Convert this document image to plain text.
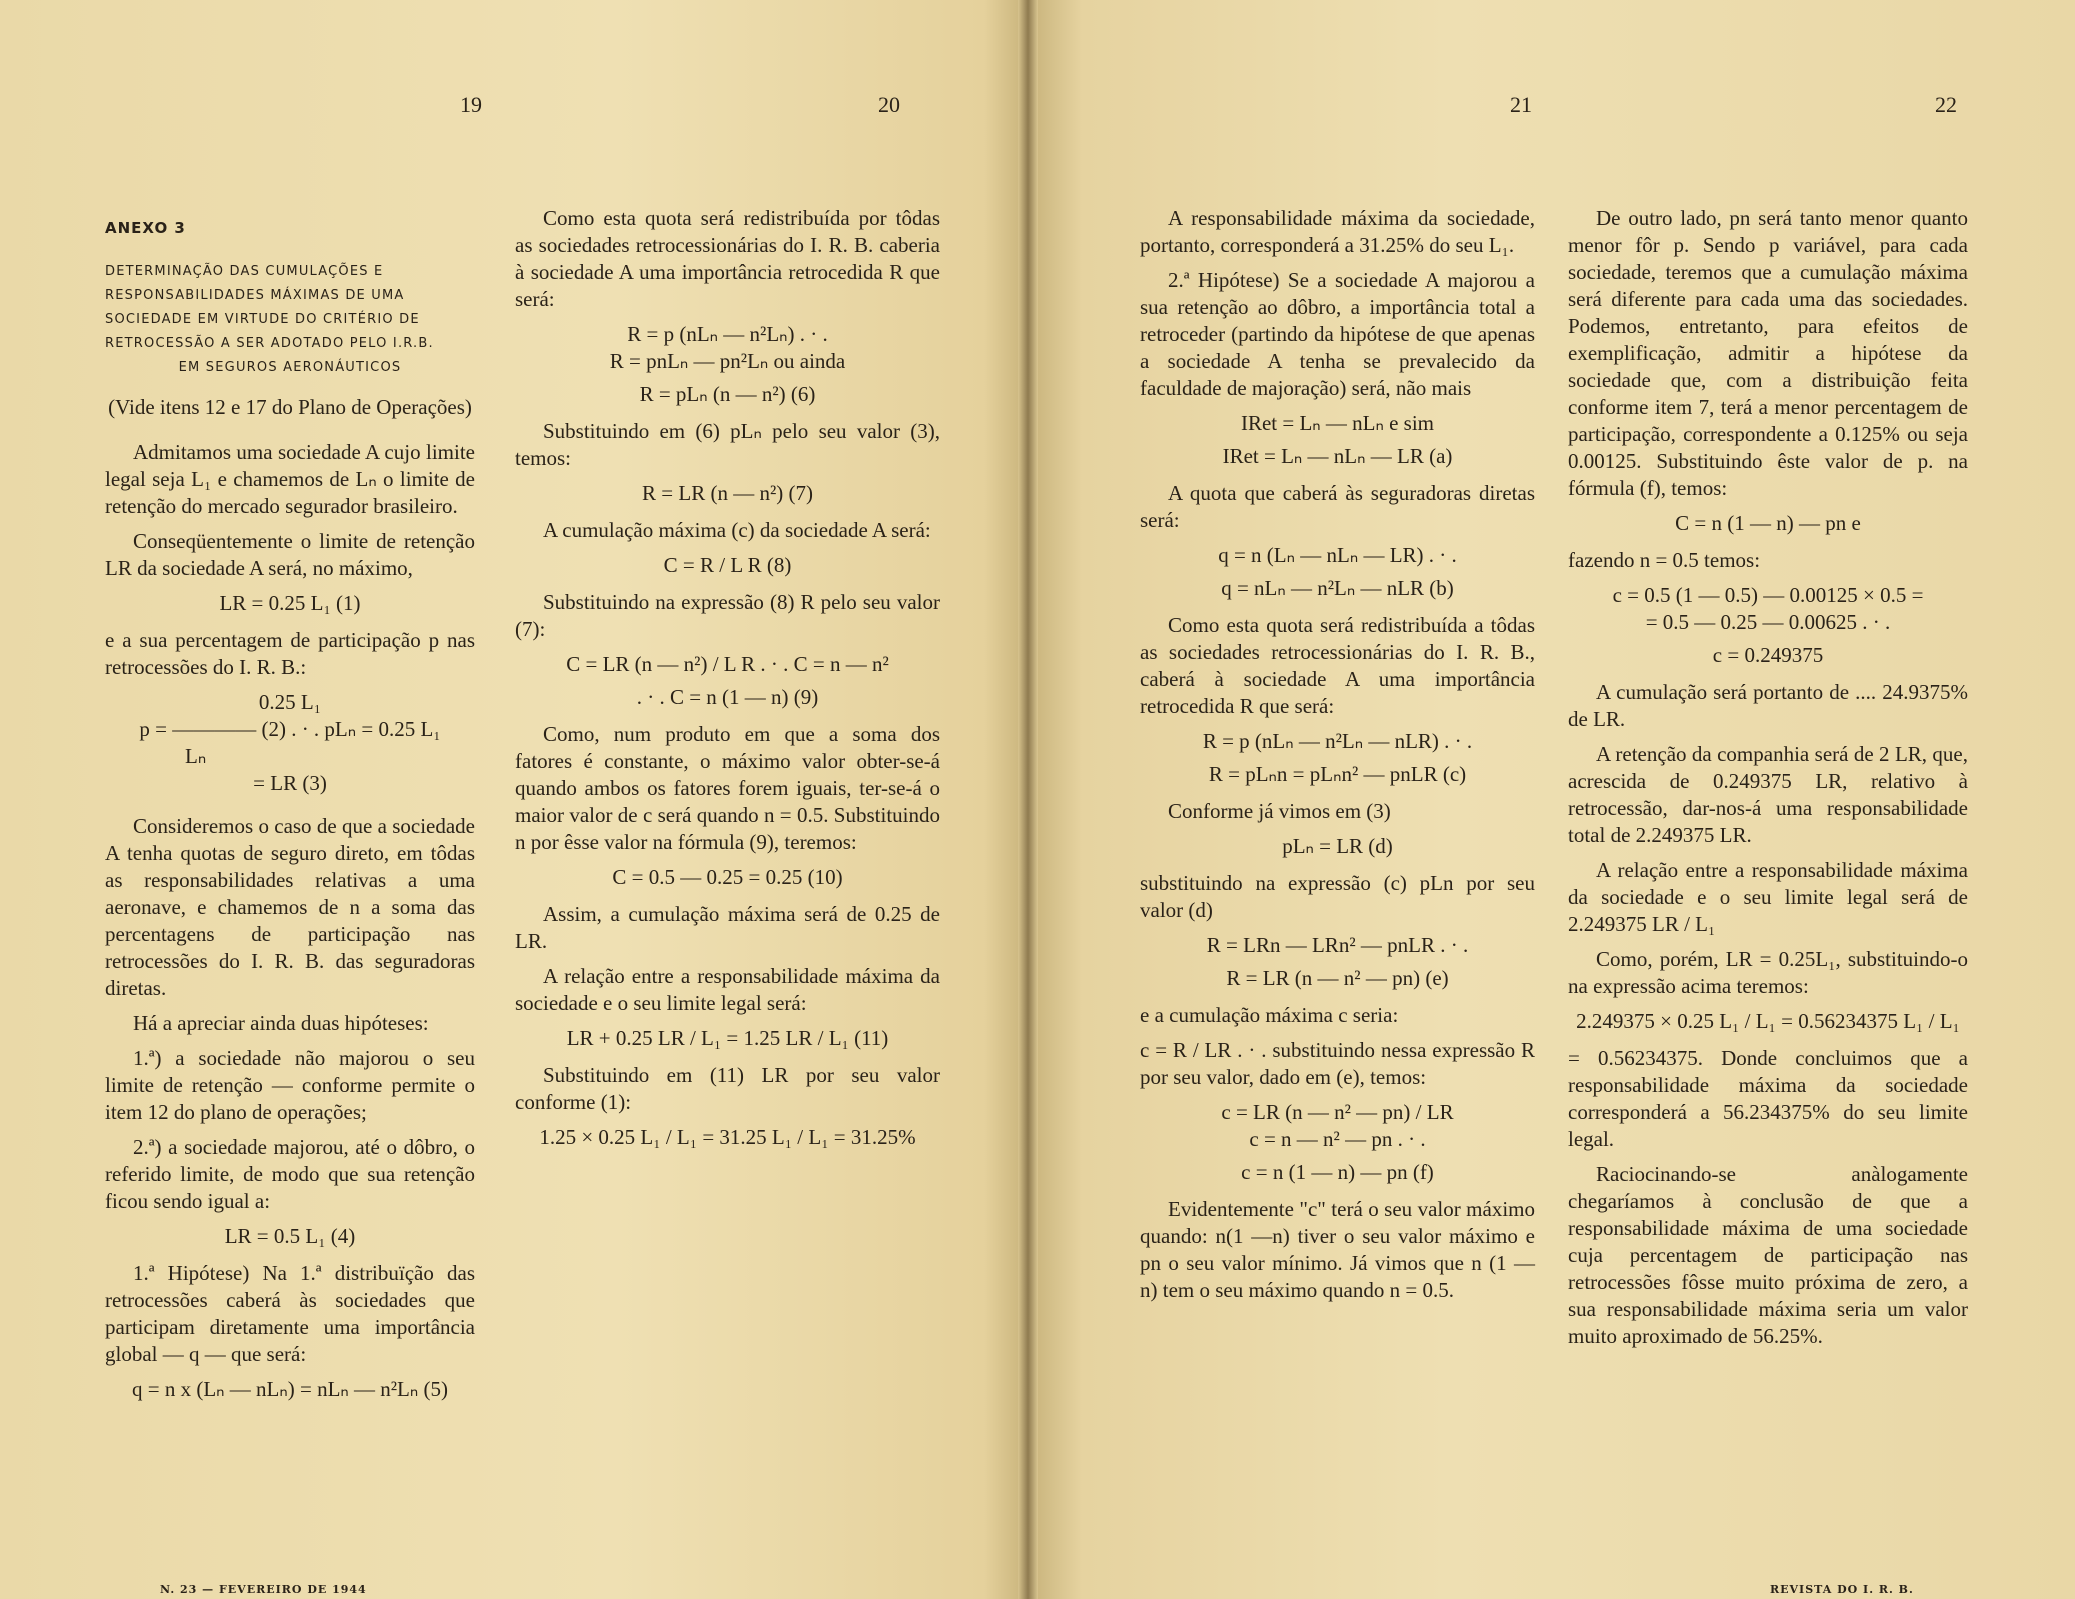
19	20	21	22
ANEXO 3
DETERMINAÇÃO DAS CUMULAÇÕES E
RESPONSABILIDADES MÁXIMAS DE UMA
SOCIEDADE EM VIRTUDE DO CRITÉRIO DE
RETROCESSÃO A SER ADOTADO PELO I.R.B.
EM SEGUROS AERONÁUTICOS

(Vide itens 12 e 17 do Plano de Operações)

Admitamos uma sociedade A cujo limite legal seja L₁ e chamemos de Lₙ o limite de retenção do mercado segurador brasileiro.

Conseqüentemente o limite de retenção LR da sociedade A será, no máximo,

LR = 0.25 L₁ (1)

e a sua percentagem de participação p nas retrocessões do I. R. B.:

0.25 L₁

p = ———— (2) . · . pLₙ = 0.25 L₁

Lₙ

= LR (3)

Consideremos o caso de que a sociedade A tenha quotas de seguro direto, em tôdas as responsabilidades relativas a uma aeronave, e chamemos de n a soma das percentagens de participação nas retrocessões do I. R. B. das seguradoras diretas.

Há a apreciar ainda duas hipóteses:

1.ª) a sociedade não majorou o seu limite de retenção — conforme permite o item 12 do plano de operações;

2.ª) a sociedade majorou, até o dôbro, o referido limite, de modo que sua retenção ficou sendo igual a:

LR = 0.5 L₁ (4)

1.ª Hipótese) Na 1.ª distribuïção das retrocessões caberá às sociedades que participam diretamente uma importância global — q — que será:

q = n x (Lₙ — nLₙ) = nLₙ — n²Lₙ (5)

Como esta quota será redistribuída por tôdas as sociedades retrocessionárias do I. R. B. caberia à sociedade A uma importância retrocedida R que será:

R = p (nLₙ — n²Lₙ) . · .

R = pnLₙ — pn²Lₙ ou ainda

R = pLₙ (n — n²) (6)

Substituindo em (6) pLₙ pelo seu valor (3), temos:

R = LR (n — n²) (7)

A cumulação máxima (c) da sociedade A será:

C = R / L R (8)

Substituindo na expressão (8) R pelo seu valor (7):

C = LR (n — n²) / L R . · . C = n — n²

. · . C = n (1 — n) (9)

Como, num produto em que a soma dos fatores é constante, o máximo valor obter-se-á quando ambos os fatores forem iguais, ter-se-á o maior valor de c será quando n = 0.5. Substituindo n por êsse valor na fórmula (9), teremos:

C = 0.5 — 0.25 = 0.25 (10)

Assim, a cumulação máxima será de 0.25 de LR.

A relação entre a responsabilidade máxima da sociedade e o seu limite legal será:

LR + 0.25 LR / L₁ = 1.25 LR / L₁ (11)

Substituindo em (11) LR por seu valor conforme (1):

1.25 × 0.25 L₁ / L₁ = 31.25 L₁ / L₁ = 31.25%

A responsabilidade máxima da sociedade, portanto, corresponderá a 31.25% do seu L₁.

2.ª Hipótese) Se a sociedade A majorou a sua retenção ao dôbro, a importância total a retroceder (partindo da hipótese de que apenas a sociedade A tenha se prevalecido da faculdade de majoração) será, não mais

IRet = Lₙ — nLₙ e sim

IRet = Lₙ — nLₙ — LR (a)

A quota que caberá às seguradoras diretas será:

q = n (Lₙ — nLₙ — LR) . · .

q = nLₙ — n²Lₙ — nLR (b)

Como esta quota será redistribuída a tôdas as sociedades retrocessionárias do I. R. B., caberá à sociedade A uma importância retrocedida R que será:

R = p (nLₙ — n²Lₙ — nLR) . · .

R = pLₙn = pLₙn² — pnLR (c)

Conforme já vimos em (3)

pLₙ = LR (d)

substituindo na expressão (c) pLn por seu valor (d)

R = LRn — LRn² — pnLR . · .

R = LR (n — n² — pn) (e)

e a cumulação máxima c seria:

c = R / LR . · . substituindo nessa expressão R por seu valor, dado em (e), temos:

c = LR (n — n² — pn) / LR

c = n — n² — pn . · .

c = n (1 — n) — pn (f)

Evidentemente "c" terá o seu valor máximo quando: n(1 —n) tiver o seu valor máximo e pn o seu valor mínimo. Já vimos que n (1 — n) tem o seu máximo quando n = 0.5.

De outro lado, pn será tanto menor quanto menor fôr p. Sendo p variável, para cada sociedade, teremos que a cumulação máxima será diferente para cada uma das sociedades. Podemos, entretanto, para efeitos de exemplificação, admitir a hipótese da sociedade que, com a distribuição feita conforme item 7, terá a menor percentagem de participação, correspondente a 0.125% ou seja 0.00125. Substituindo êste valor de p. na fórmula (f), temos:

C = n (1 — n) — pn e

fazendo n = 0.5 temos:

c = 0.5 (1 — 0.5) — 0.00125 × 0.5 =

= 0.5 — 0.25 — 0.00625 . · .

c = 0.249375

A cumulação será portanto de .... 24.9375% de LR.

A retenção da companhia será de 2 LR, que, acrescida de 0.249375 LR, relativo à retrocessão, dar-nos-á uma responsabilidade total de 2.249375 LR.

A relação entre a responsabilidade máxima da sociedade e o seu limite legal será de 2.249375 LR / L₁

Como, porém, LR = 0.25L₁, substituindo-o na expressão acima teremos:

2.249375 × 0.25 L₁ / L₁ = 0.56234375 L₁ / L₁

= 0.56234375. Donde concluimos que a responsabilidade máxima da sociedade corresponderá a 56.234375% do seu limite legal.

Raciocinando-se anàlogamente chegaríamos à conclusão de que a responsabilidade máxima de uma sociedade cuja percentagem de participação nas retrocessões fôsse muito próxima de zero, a sua responsabilidade máxima seria um valor muito aproximado de 56.25%.

N. 23 — FEVEREIRO DE 1944	REVISTA DO I. R. B.
